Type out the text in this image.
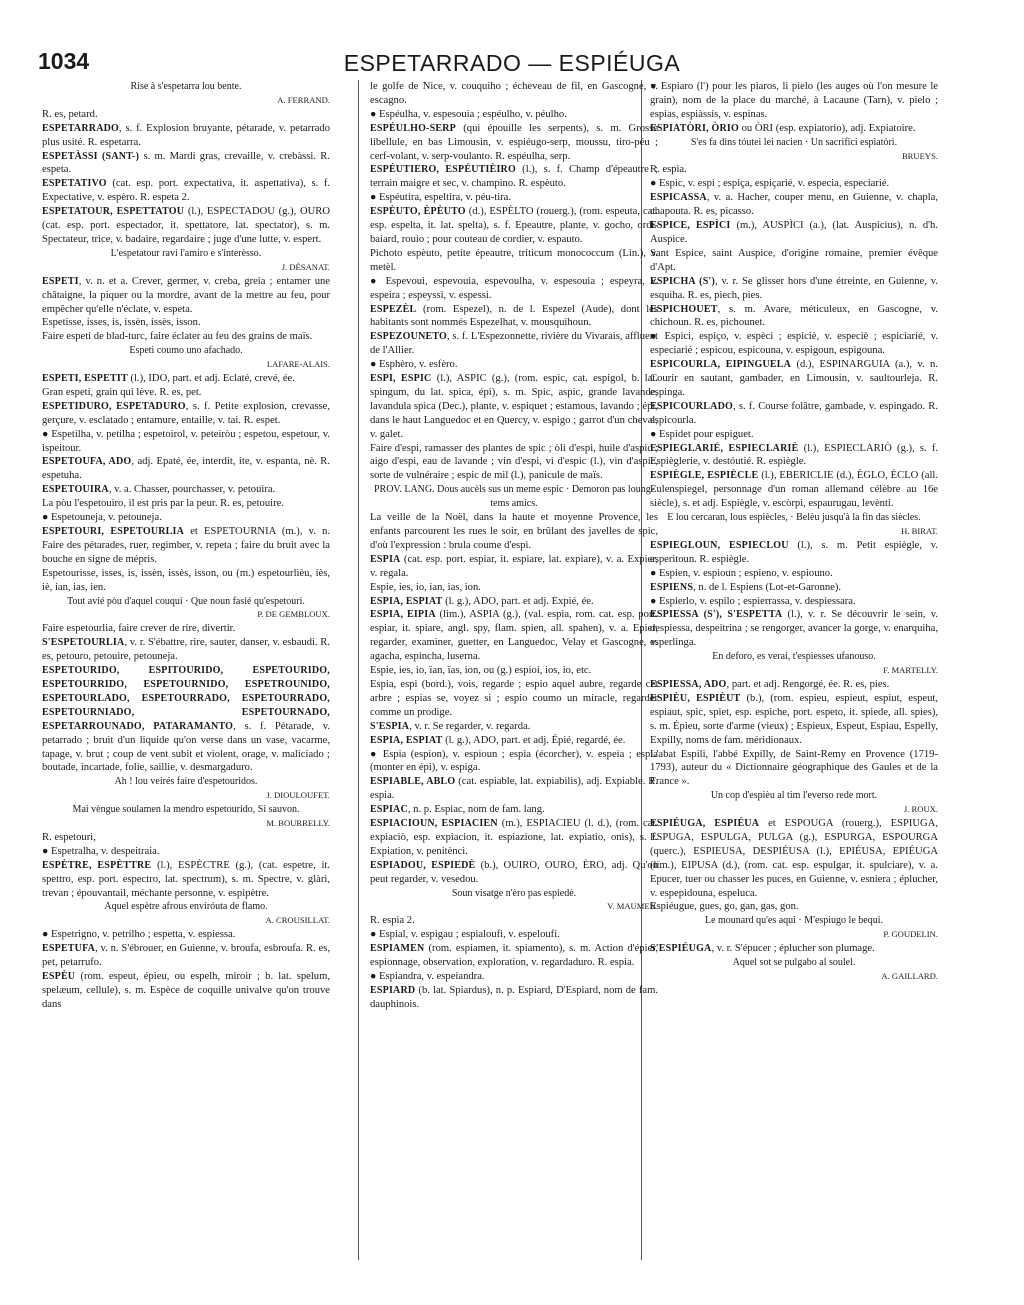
1034	ESPETARRADO — ESPIÉUGA
Rise à s'espetarra lou bente.
A. FERRAND.
R. es, petard.
ESPETARRADO, s. f. Explosion bruyante, pétarade, v. petarrado plus usité. R. espetarra.
ESPETÀSSI (SANT-) s. m. Mardi gras, crevaille, v. crebàssi. R. espeta.
ESPETATIVO (cat. esp. port. expectativa, it. aspettativa), s. f. Expectative, v. espèro. R. espeta 2.
ESPETATOUR, ESPETTATOU (l.), ESPECTADOU (g.), OURO (cat. esp. port. espectador, it. spettatore, lat. spectator), s. m. Spectateur, trice, v. badaire, regardaire ; juge d'une lutte, v. espert.
L'espetatour ravi l'amiro e s'interèsso.
J. DÉSANAT.
ESPETI, v. n. et a. Crever, germer, v. creba, greia ; entamer une châtaigne, la piquer ou la mordre, avant de la mettre au feu, pour empêcher qu'elle n'éclate, v. espeta.
Espetisse, isses, is, issèn, issès, isson.
Faire espeti de blad-turc, faire éclater au feu des grains de maïs.
Espeti coumo uno afachado.
LAFARE-ALAIS.
ESPETI, ESPETIT (l.), IDO, part. et adj. Eclaté, crevé, ée.
Gran espeti, grain qui lève. R. es, pet.
ESPETIDURO, ESPETADURO, s. f. Petite explosion, crevasse, gerçure, v. esclatado ; entamure, entaille, v. tai. R. espet.
● Espetilha, v. petilha ; espetoirol, v. peteiròu ; espetou, espetour, v. ispeitour.
ESPETOUFA, ADO, adj. Epaté, ée, interdit, ite, v. espanta, nè. R. espetuha.
ESPETOUIRA, v. a. Chasser, pourchasser, v. petouira.
La pòu l'espetouiro, il est pris par la peur. R. es, petouire.
● Espetouneja, v. petouneja.
ESPETOURI, ESPETOURLIA et ESPETOURNIA (m.), v. n. Faire des pétarades, ruer, regimber, v. repeta ; faire du bruit avec la bouche en signe de mépris.
Espetourisse, isses, is, issèn, issès, isson, ou (m.) espetourlièu, iès, iè, ian, ias, ien.
Tout avié pòu d'aquel couqui · Que noun fasié qu'espetouri.
P. DE GEMBLOUX.
Faire espetourlia, faire crever de rire, divertir.
S'ESPETOURLIA, v. r. S'ébattre, rire, sauter, danser, v. esbaudi. R. es, petouro, petouire, petouneja.
ESPETOURIDO, ESPITOURIDO, ESPETOURIDO, ESPETOURRIDO, ESPETOURNIDO, ESPETROUNIDO, ESPETOURLADO, ESPETOURRADO, ESPETOURRADO, ESPETOURNIADO, ESPETOURNADO, ESPETARROUNADO, PATARAMANTO, s. f. Pétarade, v. petarrado ; bruit d'un liquide qu'on verse dans un vase, vacarme, tapage, v. brut ; coup de vent subit et violent, orage, v. maliciado ; boutade, incartade, folie, saillie, v. desmargaduro.
Ah ! lou veirés faire d'espetouridos.
J. DIOULOUFET.
Mai vèngue soulamen la mendro espetourido, Si sauvon.
M. BOURRELLY.
R. espetouri,
● Espetralha, v. despeitraia.
ESPÈTRE, ESPÈTTRE (l.), ESPÈCTRE (g.), (cat. espetre, it. spettro, esp. port. espectro, lat. spectrum), s. m. Spectre, v. glàri, trevan ; épouvantail, méchante personne, v. espipètre.
Aquel espètre afrous enviróuta de flamo.
A. CROUSILLAT.
● Espetrigno, v. petrilho ; espetta, v. espiessa.
ESPETUFA, v. n. S'ébrouer, en Guienne, v. broufa, esbroufa. R. es, pet, petarrufo.
ESPÈU (rom. espeut, épieu, ou espelh, miroir ; b. lat. spelum, spelæum, cellule), s. m. Espèce de coquille univalve qu'on trouve dans
le golfe de Nice, v. couquiho ; écheveau de fil, en Gascogne, v. escagno.
● Espéulha, v. espesouia ; espéulho, v. péulho.
ESPÉULHO-SERP (qui épouille les serpents), s. m. Grosse libellule, en bas Limousin, v. espiéugo-serp, moussu, tiro-péu ; cerf-volant, v. serp-voulanto. R. espéulha, serp.
ESPÉUTIERO, ESPÉUTIÈIRO (l.), s. f. Champ d'épeautre ; terrain maigre et sec, v. champino. R. espèuto.
● Espéutira, espeltira, v. péu-tira.
ESPÈUTO, ÈPÈUTO (d.), ESPÈLTO (rouerg.), (rom. espeuta, cat. esp. espelta, it. lat. spelta), s. f. Epeautre, plante, v. gocho, ordi-baiard, rouio ; pour couteau de cordier, v. espauto.
Pichoto espèuto, petite épeautre, triticum monococcum (Lin.), v. metèl.
● Espevoui, espevouia, espevoulha, v. espesouia ; espeyra, v. espeira ; espeyssi, v. espessi.
ESPEZÈL (rom. Espezel), n. de l. Espezel (Aude), dont les habitants sont nommés Espezelhat, v. mousquihoun.
ESPEZOUNETO, s. f. L'Espezonnette, rivière du Vivarais, affluent de l'Allier.
● Esphèro, v. esfèro.
ESPI, ESPIC (l.), ASPIC (g.), (rom. espic, cat. espigol, b. lat. spingum, du lat. spica, épi), s. m. Spic, aspic, grande lavande, lavandula spica (Dec.), plante, v. espiquet ; estamous, lavando ; épi, dans le haut Languedoc et en Quercy, v. espigo ; garrot d'un cheval, v. galet.
Faire d'espi, ramasser des plantes de spic ; òli d'espi, huile d'aspic ; aigo d'espi, eau de lavande ; vin d'espi, vi d'espic (l.), vin d'aspic, sorte de vulnéraire ; espic de mil (l.), panicule de maïs.
PROV. LANG. Dous aucèls sus un meme espic · Demoron pas loung-tems amics.
La veille de la Noël, dans la haute et moyenne Provence, les enfants parcourent les rues le soir, en brûlant des javelles de spic, d'où l'expression : brula coume d'espi.
ESPIA (cat. esp. port. espiar, it. espiare, lat. expiare), v. a. Expier, v. regala.
Espie, ies, io, ian, ias, ion.
ESPIA, ESPIAT (l. g.), ADO, part. et adj. Expié, ée.
ESPIA, EIPIA (lim.), ASPIA (g.), (val. espia, rom. cat. esp. port. espiar, it. spiare, angl. spy, flam. spien, all. spahen), v. a. Epier, regarder, examiner, guetter, en Languedoc, Velay et Gascogne, v. agacha, espincha, luserna.
Espie, ies, io, ïan, ïas, ion, ou (g.) espioi, ios, io, etc.
Espia, espi (bord.), vois, regarde ; espio aquel aubre, regarde cet arbre ; espias se, voyez si ; espio coumo un miracle, regarder comme un prodige.
S'ESPIA, v. r. Se regarder, v. regarda.
ESPIA, ESPIAT (l. g.), ADO, part. et adj. Épié, regardé, ée.
● Espia (espion), v. espioun ; espia (écorcher), v. espeia ; espia (monter en épi), v. espiga.
ESPIABLE, ABLO (cat. espiable, lat. expiabilis), adj. Expiable. R. espia.
ESPIAC, n. p. Espiac, nom de fam. lang.
ESPIACIOUN, ESPIACIEN (m.), ESPIACIEU (l. d.), (rom. cat. expiaciò, esp. expiacion, it. espiazione, lat. expiatio, onis), s. f. Expiation, v. penitènci.
ESPIADOU, ESPIEDÈ (b.), OUIRO, OURO, ÈRO, adj. Qu'on peut regarder, v. vesedou.
Soun visatge n'èro pas espiedè.
V. MAUMEN.
R. espia 2.
● Espial, v. espigau ; espialoufi, v. espeloufi.
ESPIAMEN (rom. espiamen, it. spiamento), s. m. Action d'épier, espionnage, observation, exploration, v. regardaduro. R. espia.
● Espiandra, v. espeiandra.
ESPIARD (b. lat. Spiardus), n. p. Espiard, D'Espiard, nom de fam. dauphinois.
● Espiaro (l') pour les piaros, li pielo (les auges où l'on mesure le grain), nom de la place du marché, à Lacaune (Tarn), v. pielo ; espias, espiàssis, v. espinas.
ESPIATÒRI, ÒRIO ou ÒRI (esp. expiatorio), adj. Expiatoire.
S'es fa dins tóutei lei nacien · Un sacrifici espiatòri.
BRUEYS.
R. espia.
● Espic, v. espi ; espiça, espiçarié, v. especia, especiarié.
ESPICASSA, v. a. Hacher, couper menu, en Guienne, v. chapla, chapouta. R. es, picasso.
ESPICE, ESPÌCI (m.), AUSPÌCI (a.), (lat. Auspicius), n. d'h. Auspice.
Sant Espice, saint Auspice, d'origine romaine, premier évêque d'Apt.
ESPICHA (S'), v. r. Se glisser hors d'une étreinte, en Guienne, v. esquiha. R. es, piech, pies.
ESPICHOUET, s. m. Avare, méticuleux, en Gascogne, v. chichoun. R. es, pichounet.
● Espici, espiço, v. espèci ; espiciè, v. especiè ; espiciarié, v. especiarié ; espicou, espicouna, v. espigoun, espigouna.
ESPICOURLA, EIPINGUELA (d.), ESPINARGUIA (a.), v. n. Courir en sautant, gambader, en Limousin, v. saultourleja. R. espinga.
ESPICOURLADO, s. f. Course folâtre, gambade, v. espingado. R. espicourla.
● Espidet pour espiguet.
ESPIEGLARIÉ, ESPIECLARIÈ (l.), ESPIECLARIÒ (g.), s. f. Espièglerie, v. destóutié. R. espiègle.
ESPIÈGLE, ESPIÈCLE (l.), EBERICLIE (d.), ÈGLO, ÈCLO (all. Eulenspiegel, personnage d'un roman allemand célèbre au 16e siècle), s. et adj. Espiègle, v. escòrpi, espaurugau, levènti.
E lou cercaran, lous espiècles, · Belèu jusqu'à la fin das siècles.
H. BIRAT.
ESPIEGLOUN, ESPIECLOU (l.), s. m. Petit espiègle, v. esperitoun. R. espiègle.
● Espien, v. espioun ; espieno, v. espiouno.
ESPIENS, n. de l. Espiens (Lot-et-Garonne).
● Espierlo, v. espilo ; espierrassa, v. despiessara.
ESPIESSA (S'), S'ESPETTA (l.), v. r. Se découvrir le sein, v. despiessa, despeitrina ; se rengorger, avancer la gorge, v. enarquiha, esperlinga.
En deforo, es verai, t'espiesses ufanouso.
F. MARTELLY.
ESPIESSA, ADO, part. et adj. Rengorgé, ée. R. es, pies.
ESPIÈU, ESPIÈUT (b.), (rom. espieu, espieut, espiut, espeut, espiaut, spic, spiet, esp. espiche, port. espeto, it. spiede, all. spies), s. m. Épieu, sorte d'arme (vieux) ; Espieux, Espeut, Espiau, Espelly, Expilly, noms de fam. méridionaux.
L'abat Espili, l'abbé Expilly, de Saint-Remy en Provence (1719-1793), auteur du « Dictionnaire géographique des Gaules et de la France ».
Un cop d'espièu al tim l'everso rede mort.
J. ROUX.
ESPIÉUGA, ESPIÉUA et ESPOUGA (rouerg.), ESPIUGA, ESPUGA, ESPULGA, PULGA (g.), ESPURGA, ESPOURGA (querc.), ESPIEUSA, DESPIÉUSA (l.), EPIÉUSA, EPIÉUGA (lim.), EIPUSA (d.), (rom. cat. esp. espulgar, it. spulciare), v. a. Epucer, tuer ou chasser les puces, en Guienne, v. esniera ; éplucher, v. espepidouna, espeluca.
Espiéugue, gues, go, gan, gas, gon.
Le mounard qu'es aqui · M'espiugo le bequi.
P. GOUDELIN.
S'ESPIÉUGA, v. r. S'épucer ; éplucher son plumage.
Aquel sot se pulgabo al soulel.
A. GAILLARD.
